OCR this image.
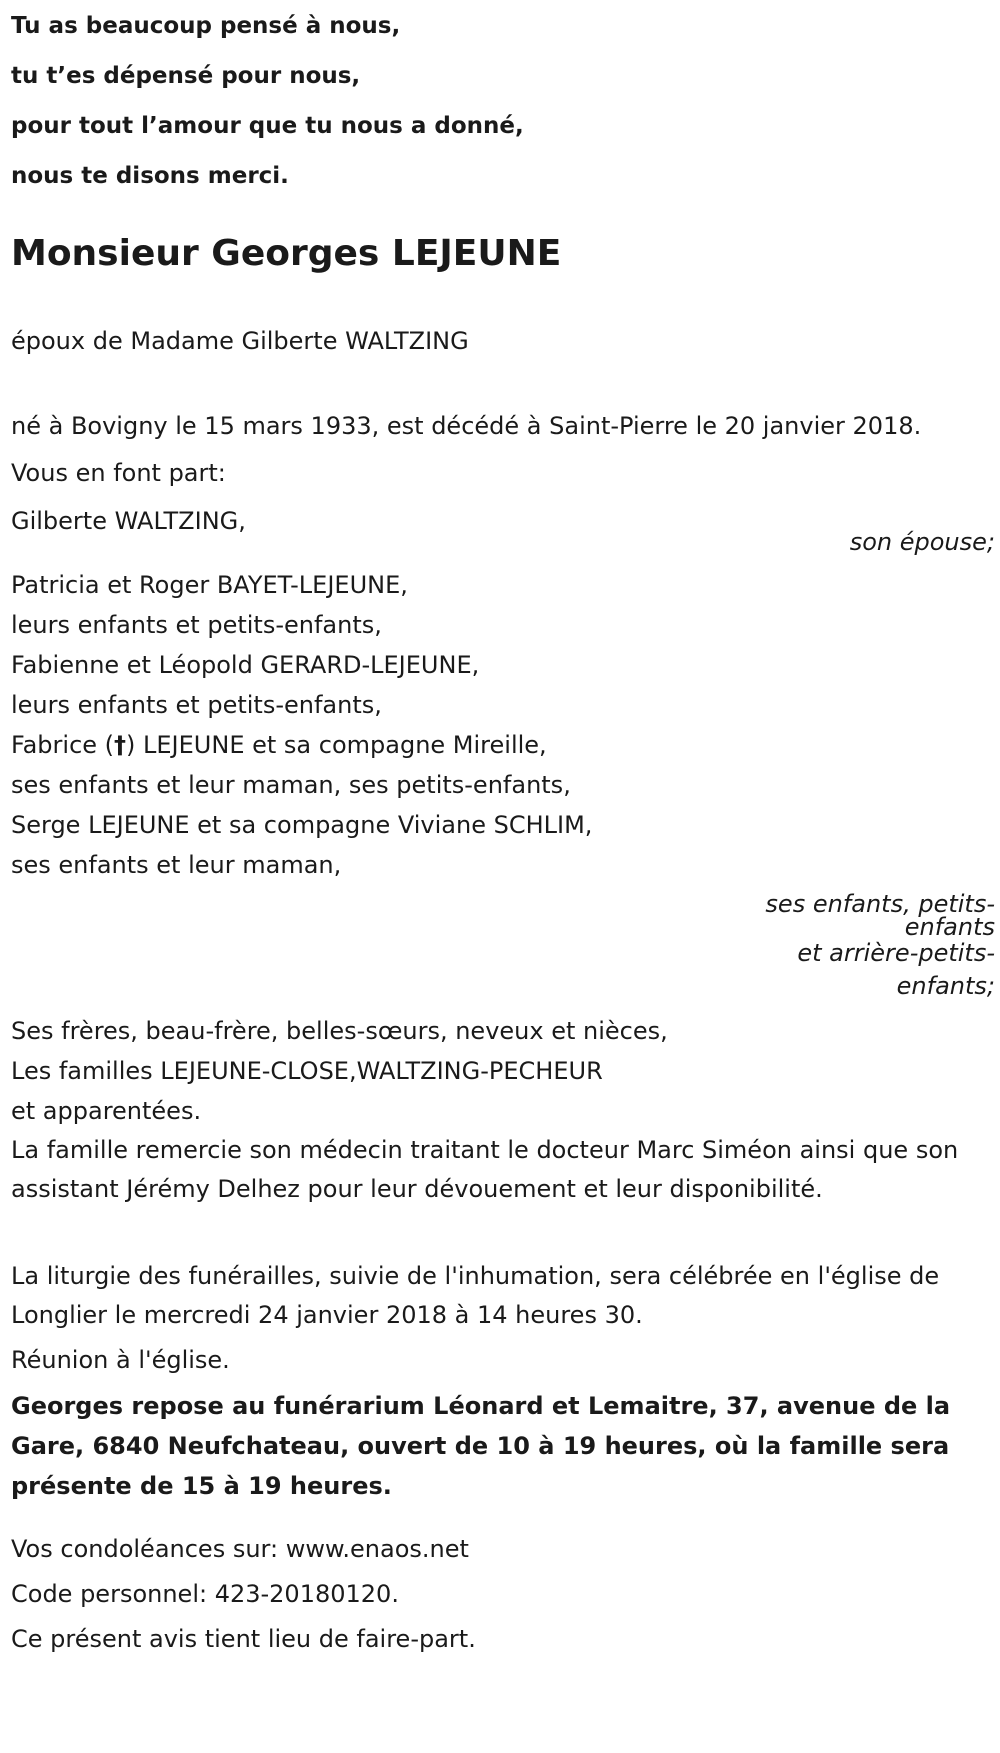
Tu as beaucoup pensé à nous,

tu t’es dépensé pour nous,

pour tout l’amour que tu nous a donné,

nous te disons merci.

Monsieur Georges LEJEUNE

époux de Madame Gilberte WALTZING

né à Bovigny le 15 mars 1933, est décédé à Saint-Pierre le 20 janvier 2018.

Vous en font part:

Gilberte WALTZING,

son épouse;

Patricia et Roger BAYET-LEJEUNE,
leurs enfants et petits-enfants,
Fabienne et Léopold GERARD-LEJEUNE,
leurs enfants et petits-enfants,
Fabrice (†) LEJEUNE et sa compagne Mireille,
ses enfants et leur maman, ses petits-enfants,
Serge LEJEUNE et sa compagne Viviane SCHLIM,
ses enfants et leur maman,
ses enfants, petits-
enfants
et arrière-petits-
enfants;
Ses frères, beau-frère, belles-sœurs, neveux et nièces,
Les familles LEJEUNE-CLOSE,WALTZING-PECHEUR
et apparentées.

La famille remercie son médecin traitant le docteur Marc Siméon ainsi que son assistant Jérémy Delhez pour leur dévouement et leur disponibilité.

La liturgie des funérailles, suivie de l'inhumation, sera célébrée en l'église de Longlier le mercredi 24 janvier 2018 à 14 heures 30.

Réunion à l'église.

Georges repose au funérarium Léonard et Lemaitre, 37, avenue de la Gare, 6840 Neufchateau, ouvert de 10 à 19 heures, où la famille sera présente de 15 à 19 heures.

Vos condoléances sur: www.enaos.net

Code personnel: 423-20180120.

Ce présent avis tient lieu de faire-part.
